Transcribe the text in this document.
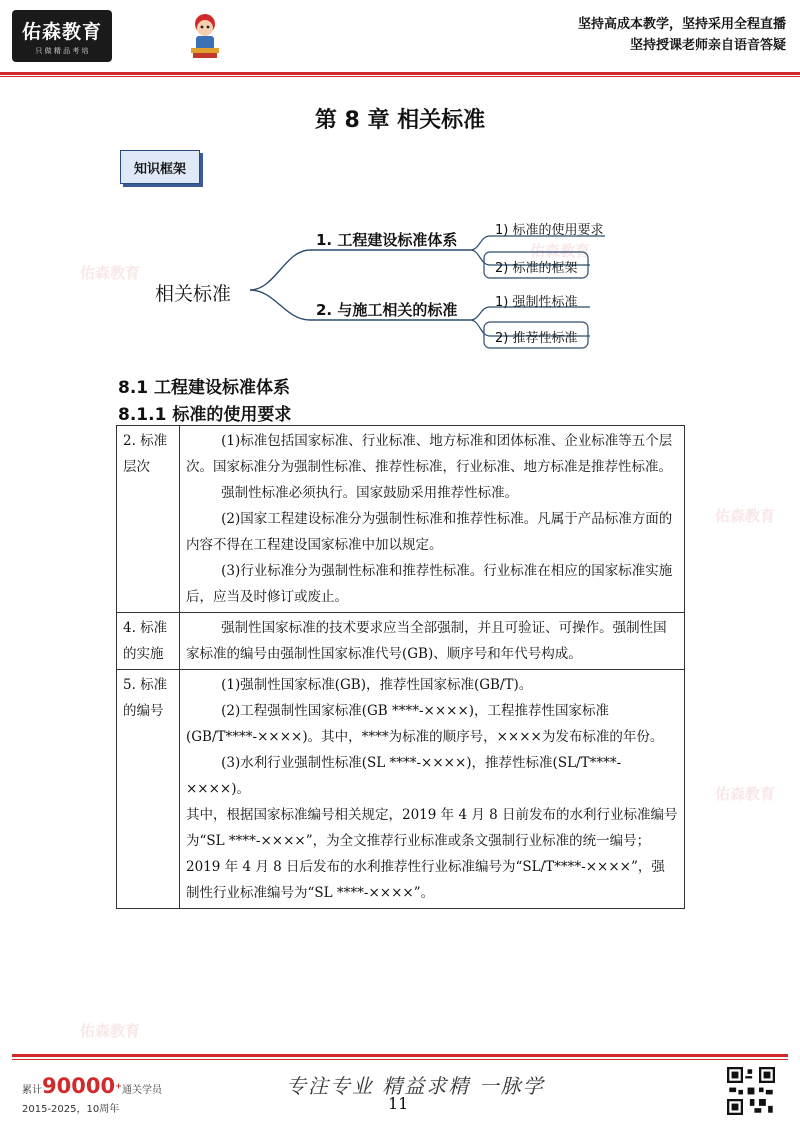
佑森教育
只 做 精 品 考 培
坚持高成本教学，坚持采用全程直播
坚持授课老师亲自语音答疑
佑森教育
佑森教育
佑森教育
佑森教育
佑森教育
第 8 章 相关标准
知识框架
相关标准
1. 工程建设标准体系
2. 与施工相关的标准
1) 标准的使用要求
2) 标准的框架
1) 强制性标准
2) 推荐性标准
8.1 工程建设标准体系
8.1.1 标准的使用要求
2. 标准层次	(1)标准包括国家标准、行业标准、地方标准和团体标准、企业标准等五个层次。国家标准分为强制性标准、推荐性标准，行业标准、地方标准是推荐性标准。

强制性标准必须执行。国家鼓励采用推荐性标准。

(2)国家工程建设标准分为强制性标准和推荐性标准。凡属于产品标准方面的内容不得在工程建设国家标准中加以规定。

(3)行业标准分为强制性标准和推荐性标准。行业标准在相应的国家标准实施后，应当及时修订或废止。

4. 标准的实施	强制性国家标准的技术要求应当全部强制，并且可验证、可操作。强制性国家标准的编号由强制性国家标准代号(GB)、顺序号和年代号构成。

5. 标准的编号	(1)强制性国家标准(GB)，推荐性国家标准(GB/T)。

(2)工程强制性国家标准(GB ****-××××)，工程推荐性国家标准(GB/T****-××××)。其中，****为标准的顺序号，××××为发布标准的年份。

(3)水利行业强制性标准(SL ****-××××)，推荐性标准(SL/T****-××××)。

其中，根据国家标准编号相关规定，2019 年 4 月 8 日前发布的水利行业标准编号为“SL ****-××××”，为全文推荐行业标准或条文强制行业标准的统一编号；2019 年 4 月 8 日后发布的水利推荐性行业标准编号为“SL/T****-××××”，强制性行业标准编号为“SL ****-××××”。

累计90000+通关学员
2015-2025，10周年
专注专业 精益求精 一脉学
11
